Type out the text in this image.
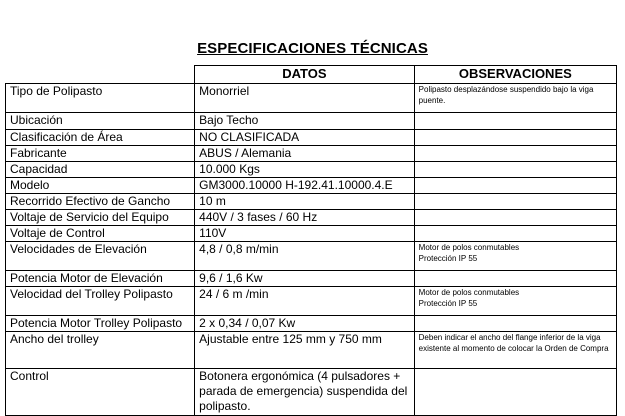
ESPECIFICACIONES TÉCNICAS
	DATOS	OBSERVACIONES
Tipo de Polipasto	Monorriel	Polipasto desplazándose suspendido bajo la viga puente.
Ubicación	Bajo Techo	
Clasificación de Área	NO CLASIFICADA	
Fabricante	ABUS / Alemania	
Capacidad	10.000 Kgs	
Modelo	GM3000.10000 H-192.41.10000.4.E	
Recorrido Efectivo de Gancho	10 m	
Voltaje de Servicio del Equipo	440V / 3 fases / 60 Hz	
Voltaje de Control	110V	
Velocidades de Elevación	4,8 / 0,8 m/min	Motor de polos conmutables
Protección IP 55
Potencia Motor de Elevación	9,6 / 1,6 Kw	
Velocidad del Trolley Polipasto	24 / 6 m /min	Motor de polos conmutables
Protección IP 55
Potencia Motor Trolley Polipasto	2 x 0,34 / 0,07 Kw	
Ancho del trolley	Ajustable entre 125 mm y 750 mm	Deben indicar el ancho del flange inferior de la viga existente al momento de colocar la Orden de Compra
Control	Botonera ergonómica (4 pulsadores + parada de emergencia) suspendida del polipasto.	
